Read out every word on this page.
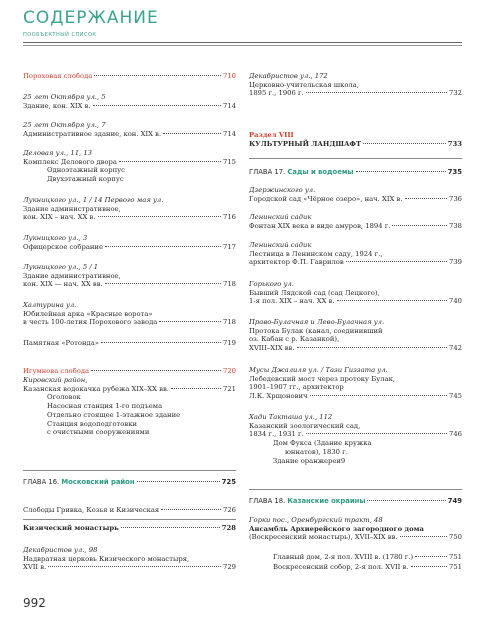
СОДЕРЖАНИЕ
ПООБЪЕКТНЫЙ СПИСОК
Пороховая слобода	710
25 лет Октября ул., 5
Здание, кон. XIX в.	714
25 лет Октября ул., 7
Административное здание, кон. XIX в.	714
Деловая ул., 11, 13
Комплекс Делового двора	715
Одноэтажный корпус
Двухэтажный корпус
Лукницкого ул., 1 / 14 Первого мая ул.
Здание административное,
кон. XIX – нач. XX в.	716
Лукницкого ул., 3
Офицерское собрание	717
Лукницкого ул., 5 / 1
Здание административное,
кон. XIX — нач. XX вв.	718
Халтурина ул.
Юбилейная арка «Красные ворота»
в честь 100-летия Порохового завода	718
Памятная «Ротонда»	719
Игумнова слобода	720
Кировский район,
Казанская водокачка рубежа XIX–XX вв.	721
Оголовок
Насосная станция 1-го подъема
Отдельно стоящее 1-этажное здание
Станция водоподготовки
с очистными сооружениями
ГЛАВА 16. Московский район	725
Слободы Гривка, Козья и Кизическая	726
Кизический монастырь	728
Декабристов ул., 98
Надвратная церковь Кизического монастыря,
XVII в.	729
Декабристов ул., 172
Церковно-учительская школа,
1895 г., 1906 г.	732
Раздел VIII
КУЛЬТУРНЫЙ ЛАНДШАФТ	733
ГЛАВА 17. Сады и водоемы	735
Дзержинского ул.
Городской сад «Чёрное озеро», нач. XIX в.	736
Ленинский садик
Фонтан XIX века в виде амуров, 1894 г.	738
Ленинский садик
Лестница в Ленинском саду, 1924 г.,
архитектор Ф.П. Гаврилов	739
Горького ул.
Бывший Лядской сад (сад Лецкого),
1-я пол. XIX – нач. XX в.	740
Право-Булачная и Лево-Булачная ул.
Протока Булак (канал, соединивший
оз. Кабан с р. Казанкой),
XVIII–XIX вв.	742
Мусы Джалиля ул. / Тази Гиззата ул.
Лебедевский мост через протоку Булак,
1901–1907 гг., архитектор
Л.К. Хрщонович	745
Хади Такташа ул., 112
Казанский зоологический сад,
1834 г., 1931 г.	746
Дом Фукса (Здание кружка
юннатов), 1830 г.
Здание оранжереи9
ГЛАВА 18. Казанские окраины	749
Горки пос., Оренбургский тракт, 48
Ансамбль Архиерейского загородного дома
(Воскресенский монастырь), XVII–XIX вв.	750
Главный дом, 2-я пол. XVIII в. (1780 г.)	751
Воскресенский собор, 2-я пол. XVII в.	751
992
